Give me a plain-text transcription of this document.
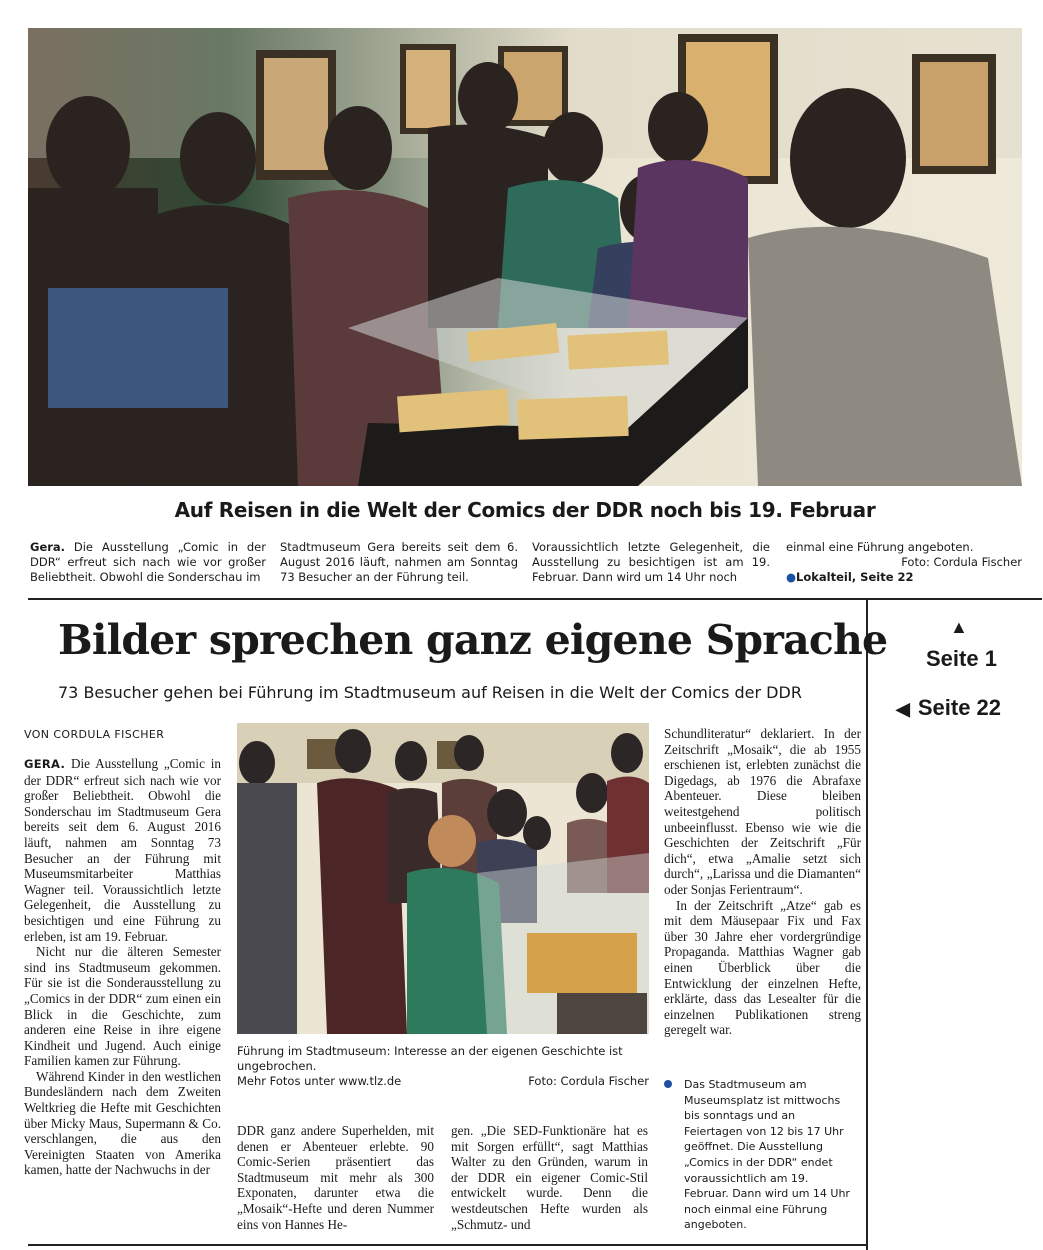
Auf Reisen in die Welt der Comics der DDR noch bis 19. Februar
Gera. Die Ausstellung „Comic in der DDR“ erfreut sich nach wie vor großer Beliebtheit. Obwohl die Sonderschau im
Stadtmuseum Gera bereits seit dem 6. August 2016 läuft, nahmen am Sonntag 73 Besucher an der Führung teil.
Voraussichtlich letzte Gelegenheit, die Ausstellung zu besichtigen ist am 19. Februar. Dann wird um 14 Uhr noch
einmal eine Führung angeboten.
Foto: Cordula Fischer
●Lokalteil, Seite 22
▲
Seite 1
◀ Seite 22
Bilder sprechen ganz eigene Sprache
73 Besucher gehen bei Führung im Stadtmuseum auf Reisen in die Welt der Comics der DDR
VON CORDULA FISCHER

GERA. Die Ausstellung „Comic in der DDR“ erfreut sich nach wie vor großer Beliebtheit. Obwohl die Sonderschau im Stadtmuseum Gera bereits seit dem 6. August 2016 läuft, nahmen am Sonntag 73 Besucher an der Führung mit Museumsmitarbeiter Matthias Wagner teil. Voraussichtlich letzte Gelegenheit, die Ausstellung zu besichtigen und eine Führung zu erleben, ist am 19. Februar.

Nicht nur die älteren Semester sind ins Stadtmuseum gekommen. Für sie ist die Sonderausstellung zu „Comics in der DDR“ zum einen ein Blick in die Geschichte, zum anderen eine Reise in ihre eigene Kindheit und Jugend. Auch einige Familien kamen zur Führung.

Während Kinder in den westlichen Bundesländern nach dem Zweiten Weltkrieg die Hefte mit Geschichten über Micky Maus, Supermann & Co. verschlangen, die aus den Vereinigten Staaten von Amerika kamen, hatte der Nachwuchs in der

Führung im Stadtmuseum: Interesse an der eigenen Geschichte ist ungebrochen.
Mehr Fotos unter www.tlz.de	Foto: Cordula Fischer

DDR ganz andere Superhelden, mit denen er Abenteuer erlebte. 90 Comic-Serien präsentiert das Stadtmuseum mit mehr als 300 Exponaten, darunter etwa die „Mosaik“-Hefte und deren Nummer eins von Hannes He-

gen. „Die SED-Funktionäre hat es mit Sorgen erfüllt“, sagt Matthias Walter zu den Gründen, warum in der DDR ein eigener Comic-Stil entwickelt wurde. Denn die westdeutschen Hefte wurden als „Schmutz- und

Schundliteratur“ deklariert. In der Zeitschrift „Mosaik“, die ab 1955 erschienen ist, erlebten zunächst die Digedags, ab 1976 die Abrafaxe Abenteuer. Diese bleiben weitestgehend politisch unbeeinflusst. Ebenso wie wie die Geschichten der Zeitschrift „Für dich“, etwa „Amalie setzt sich durch“, „Larissa und die Diamanten“ oder Sonjas Ferientraum“.

In der Zeitschrift „Atze“ gab es mit dem Mäusepaar Fix und Fax über 30 Jahre eher vordergründige Propaganda. Matthias Wagner gab einen Überblick über die Entwicklung der einzelnen Hefte, erklärte, dass das Lesealter für die einzelnen Publikationen streng geregelt war.

Das Stadtmuseum am Museumsplatz ist mittwochs bis sonntags und an Feiertagen von 12 bis 17 Uhr geöffnet. Die Ausstellung „Comics in der DDR“ endet voraussichtlich am 19. Februar. Dann wird um 14 Uhr noch einmal eine Führung angeboten.
